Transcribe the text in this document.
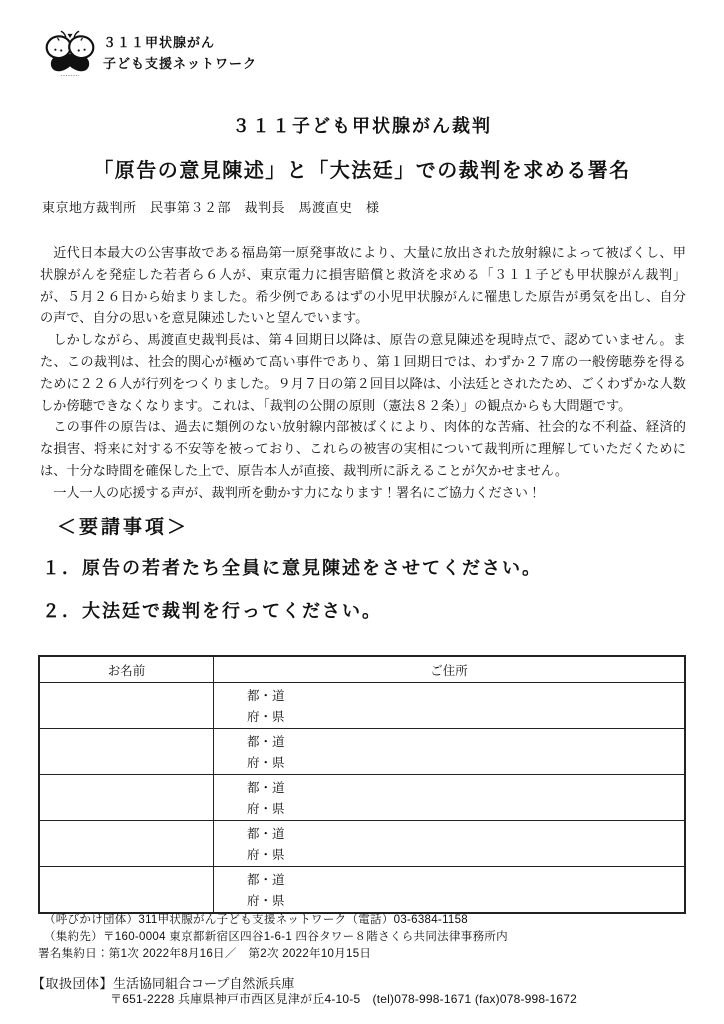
３１１甲状腺がん
子ども支援ネットワーク
３１１子ども甲状腺がん裁判
「原告の意見陳述」と「大法廷」での裁判を求める署名
東京地方裁判所　民事第３２部　裁判長　馬渡直史　様

近代日本最大の公害事故である福島第一原発事故により、大量に放出された放射線によって被ばくし、甲状腺がんを発症した若者ら６人が、東京電力に損害賠償と救済を求める「３１１子ども甲状腺がん裁判」が、５月２６日から始まりました。希少例であるはずの小児甲状腺がんに罹患した原告が勇気を出し、自分の声で、自分の思いを意見陳述したいと望んでいます。

しかしながら、馬渡直史裁判長は、第４回期日以降は、原告の意見陳述を現時点で、認めていません。また、この裁判は、社会的関心が極めて高い事件であり、第１回期日では、わずか２７席の一般傍聴券を得るために２２６人が行列をつくりました。９月７日の第２回目以降は、小法廷とされたため、ごくわずかな人数しか傍聴できなくなります。これは、「裁判の公開の原則（憲法８２条）」の観点からも大問題です。

この事件の原告は、過去に類例のない放射線内部被ばくにより、肉体的な苦痛、社会的な不利益、経済的な損害、将来に対する不安等を被っており、これらの被害の実相について裁判所に理解していただくためには、十分な時間を確保した上で、原告本人が直接、裁判所に訴えることが欠かせません。

一人一人の応援する声が、裁判所を動かす力になります！署名にご協力ください！

＜要請事項＞
１．原告の若者たち全員に意見陳述をさせてください。
２．大法廷で裁判を行ってください。
お名前	ご住所

	都・道
府・県

	都・道
府・県

	都・道
府・県

	都・道
府・県

	都・道
府・県
（呼びかけ団体）311甲状腺がん子ども支援ネットワーク（電話）03-6384-1158
（集約先）〒160-0004 東京都新宿区四谷1-6-1 四谷タワー８階さくら共同法律事務所内
署名集約日：第1次 2022年8月16日／　第2次 2022年10月15日
【取扱団体】生活協同組合コープ自然派兵庫
〒651-2228 兵庫県神戸市西区見津が丘4-10-5　(tel)078-998-1671 (fax)078-998-1672
